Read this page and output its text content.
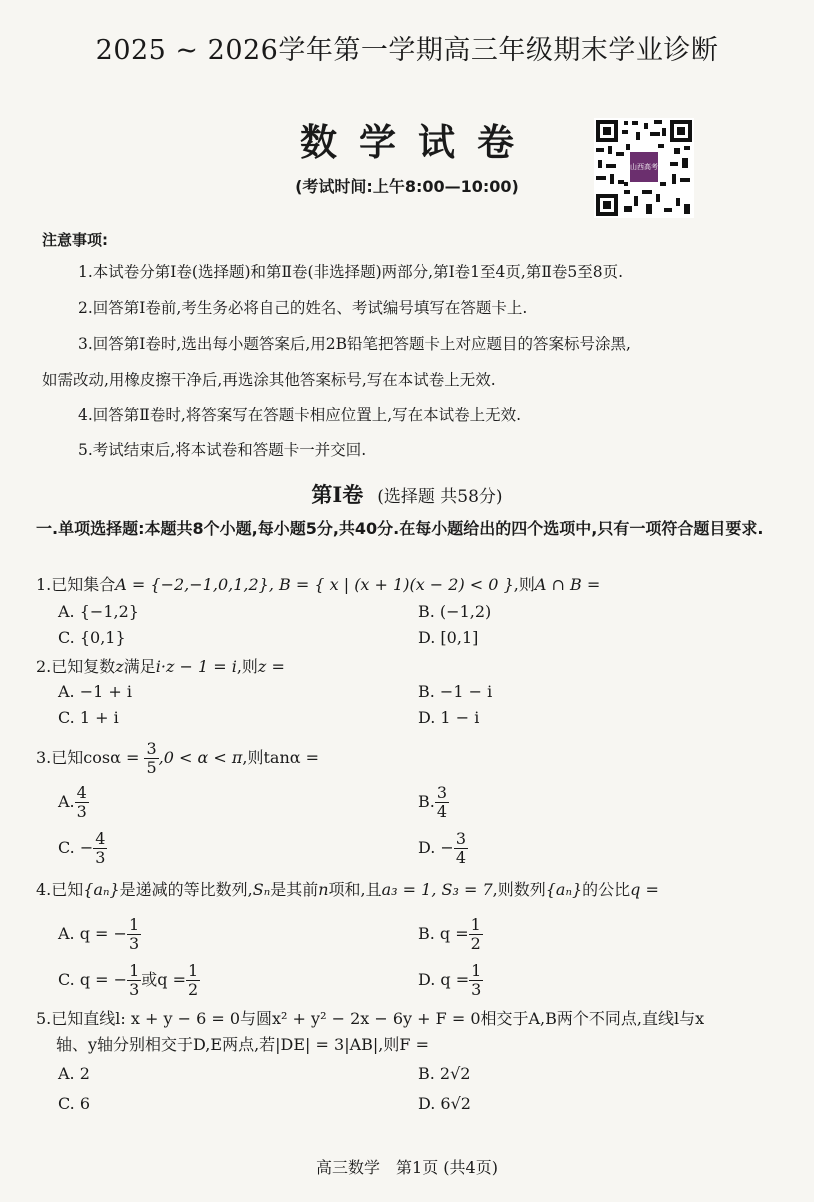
2025 ~ 2026学年第一学期高三年级期末学业诊断
数学试卷
(考试时间:上午8:00—10:00)
山西高考
注意事项:
1.本试卷分第Ⅰ卷(选择题)和第Ⅱ卷(非选择题)两部分,第Ⅰ卷1至4页,第Ⅱ卷5至8页.
2.回答第Ⅰ卷前,考生务必将自己的姓名、考试编号填写在答题卡上.
3.回答第Ⅰ卷时,选出每小题答案后,用2B铅笔把答题卡上对应题目的答案标号涂黑,
如需改动,用橡皮擦干净后,再选涂其他答案标号,写在本试卷上无效.
4.回答第Ⅱ卷时,将答案写在答题卡相应位置上,写在本试卷上无效.
5.考试结束后,将本试卷和答题卡一并交回.
第Ⅰ卷 (选择题 共58分)
一.单项选择题:本题共8个小题,每小题5分,共40分.在每小题给出的四个选项中,只有一项符合题目要求.
1.已知集合A = {−2,−1,0,1,2}, B = { x | (x + 1)(x − 2) < 0 },则A ∩ B =
A. {−1,2}	B. (−1,2)
C. {0,1}	D. [0,1]
2.已知复数z满足i·z − 1 = i,则z =
A. −1 + i	B. −1 − i
C. 1 + i	D. 1 − i
3.已知$\cos\alpha = \frac{3}{5} ,0 < \alpha < \pi$,则tanα =
A. $\frac{4}{3}$	B. $\frac{3}{4}$
C. − $\frac{4}{3}$	D. − $\frac{3}{4}$
4.已知{aₙ}是递减的等比数列,Sₙ是其前n项和,且a₃ = 1, S₃ = 7,则数列{aₙ}的公比q =
A. q = − $\frac{1}{3}$	B. $q = \frac{1}{2}$
C. q = − $\frac{1}{3}$ 或$q = \frac{1}{2}$	D. $q = \frac{1}{3}$
5.已知直线l: x + y − 6 = 0与圆x² + y² − 2x − 6y + F = 0相交于A,B两个不同点,直线l与x
轴、y轴分别相交于D,E两点,若|DE| = 3|AB|,则F =
A. 2	B. 2√2
C. 6	D. 6√2
高三数学　第1页 (共4页)
